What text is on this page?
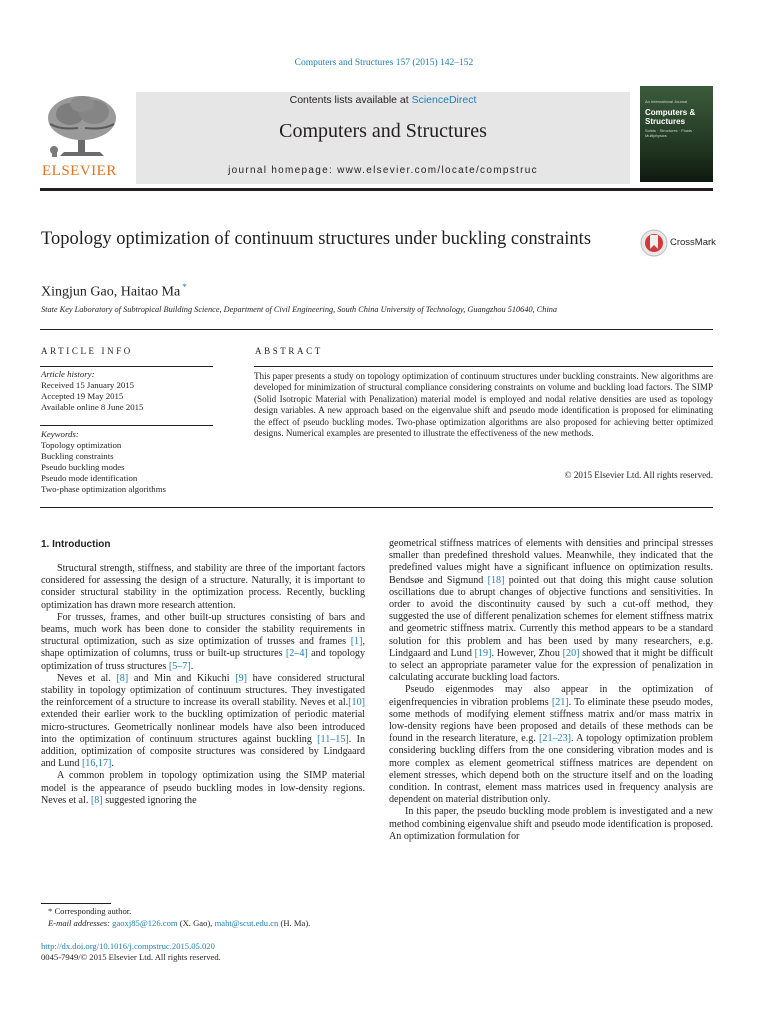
Computers and Structures 157 (2015) 142–152
ELSEVIER
Contents lists available at ScienceDirect
Computers and Structures
journal homepage: www.elsevier.com/locate/compstruc
An International Journal
Computers & Structures
Solids · Structures · Fluids · Multiphysics
Topology optimization of continuum structures under buckling constraints	CrossMark
Xingjun Gao, Haitao Ma *
State Key Laboratory of Subtropical Building Science, Department of Civil Engineering, South China University of Technology, Guangzhou 510640, China
ARTICLE INFO
Article history:
Received 15 January 2015
Accepted 19 May 2015
Available online 8 June 2015
Keywords:
Topology optimization
Buckling constraints
Pseudo buckling modes
Pseudo mode identification
Two-phase optimization algorithms
ABSTRACT
This paper presents a study on topology optimization of continuum structures under buckling constraints. New algorithms are developed for minimization of structural compliance considering constraints on volume and buckling load factors. The SIMP (Solid Isotropic Material with Penalization) material model is employed and nodal relative densities are used as topology design variables. A new approach based on the eigenvalue shift and pseudo mode identification is proposed for eliminating the effect of pseudo buckling modes. Two-phase optimization algorithms are also proposed for achieving better optimized designs. Numerical examples are presented to illustrate the effectiveness of the new methods.
© 2015 Elsevier Ltd. All rights reserved.
1. Introduction

Structural strength, stiffness, and stability are three of the important factors considered for assessing the design of a structure. Naturally, it is important to consider structural stability in the optimization process. Recently, buckling optimization has drawn more research attention.

For trusses, frames, and other built-up structures consisting of bars and beams, much work has been done to consider the stability requirements in structural optimization, such as size optimization of trusses and frames [1], shape optimization of columns, truss or built-up structures [2–4] and topology optimization of truss structures [5–7].

Neves et al. [8] and Min and Kikuchi [9] have considered structural stability in topology optimization of continuum structures. They investigated the reinforcement of a structure to increase its overall stability. Neves et al.[10] extended their earlier work to the buckling optimization of periodic material micro-structures. Geometrically nonlinear models have also been introduced into the optimization of continuum structures against buckling [11–15]. In addition, optimization of composite structures was considered by Lindgaard and Lund [16,17].

A common problem in topology optimization using the SIMP material model is the appearance of pseudo buckling modes in low-density regions. Neves et al. [8] suggested ignoring the

geometrical stiffness matrices of elements with densities and principal stresses smaller than predefined threshold values. Meanwhile, they indicated that the predefined values might have a significant influence on optimization results. Bendsøe and Sigmund [18] pointed out that doing this might cause solution oscillations due to abrupt changes of objective functions and sensitivities. In order to avoid the discontinuity caused by such a cut-off method, they suggested the use of different penalization schemes for element stiffness matrix and geometric stiffness matrix. Currently this method appears to be a standard solution for this problem and has been used by many researchers, e.g. Lindgaard and Lund [19]. However, Zhou [20] showed that it might be difficult to select an appropriate parameter value for the expression of penalization in calculating accurate buckling load factors.

Pseudo eigenmodes may also appear in the optimization of eigenfrequencies in vibration problems [21]. To eliminate these pseudo modes, some methods of modifying element stiffness matrix and/or mass matrix in low-density regions have been proposed and details of these methods can be found in the research literature, e.g. [21–23]. A topology optimization problem considering buckling differs from the one considering vibration modes and is more complex as element geometrical stiffness matrices are dependent on element stresses, which depend both on the structure itself and on the loading condition. In contrast, element mass matrices used in frequency analysis are dependent on material distribution only.

In this paper, the pseudo buckling mode problem is investigated and a new method combining eigenvalue shift and pseudo mode identification is proposed. An optimization formulation for

* Corresponding author.
E-mail addresses: gaoxj85@126.com (X. Gao), maht@scut.edu.cn (H. Ma).
http://dx.doi.org/10.1016/j.compstruc.2015.05.020
0045-7949/© 2015 Elsevier Ltd. All rights reserved.
